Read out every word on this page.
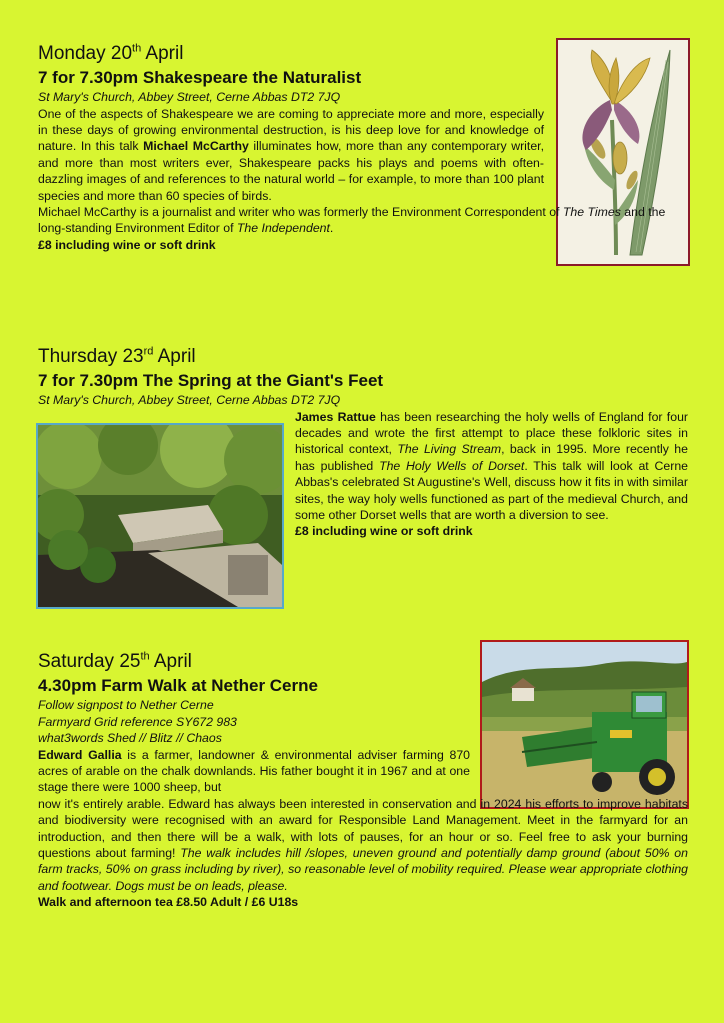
Monday 20th April
7 for 7.30pm Shakespeare the Naturalist

St Mary's Church, Abbey Street, Cerne Abbas DT2 7JQ

One of the aspects of Shakespeare we are coming to appreciate more and more, especially in these days of growing environmental destruction, is his deep love for and knowledge of nature. In this talk Michael McCarthy illuminates how, more than any contemporary writer, and more than most writers ever, Shakespeare packs his plays and poems with often-dazzling images of and references to the natural world – for example, to more than 100 plant species and more than 60 species of birds.

Michael McCarthy is a journalist and writer who was formerly the Environment Correspondent of The Times and the long-standing Environment Editor of The Independent.

£8 including wine or soft drink

Thursday 23rd April
7 for 7.30pm The Spring at the Giant's Feet

St Mary's Church, Abbey Street, Cerne Abbas DT2 7JQ

James Rattue has been researching the holy wells of England for four decades and wrote the first attempt to place these folkloric sites in historical context, The Living Stream, back in 1995. More recently he has published The Holy Wells of Dorset. This talk will look at Cerne Abbas's celebrated St Augustine's Well, discuss how it fits in with similar sites, the way holy wells functioned as part of the medieval Church, and some other Dorset wells that are worth a diversion to see.

£8 including wine or soft drink

Saturday 25th April
4.30pm Farm Walk at Nether Cerne

Follow signpost to Nether Cerne

Farmyard Grid reference SY672 983

what3words Shed // Blitz // Chaos

Edward Gallia is a farmer, landowner & environmental adviser farming 870 acres of arable on the chalk downlands. His father bought it in 1967 and at one stage there were 1000 sheep, but

now it's entirely arable. Edward has always been interested in conservation and in 2024 his efforts to improve habitats and biodiversity were recognised with an award for Responsible Land Management. Meet in the farmyard for an introduction, and then there will be a walk, with lots of pauses, for an hour or so. Feel free to ask your burning questions about farming! The walk includes hill /slopes, uneven ground and potentially damp ground (about 50% on farm tracks, 50% on grass including by river), so reasonable level of mobility required. Please wear appropriate clothing and footwear. Dogs must be on leads, please.

Walk and afternoon tea £8.50 Adult / £6 U18s
